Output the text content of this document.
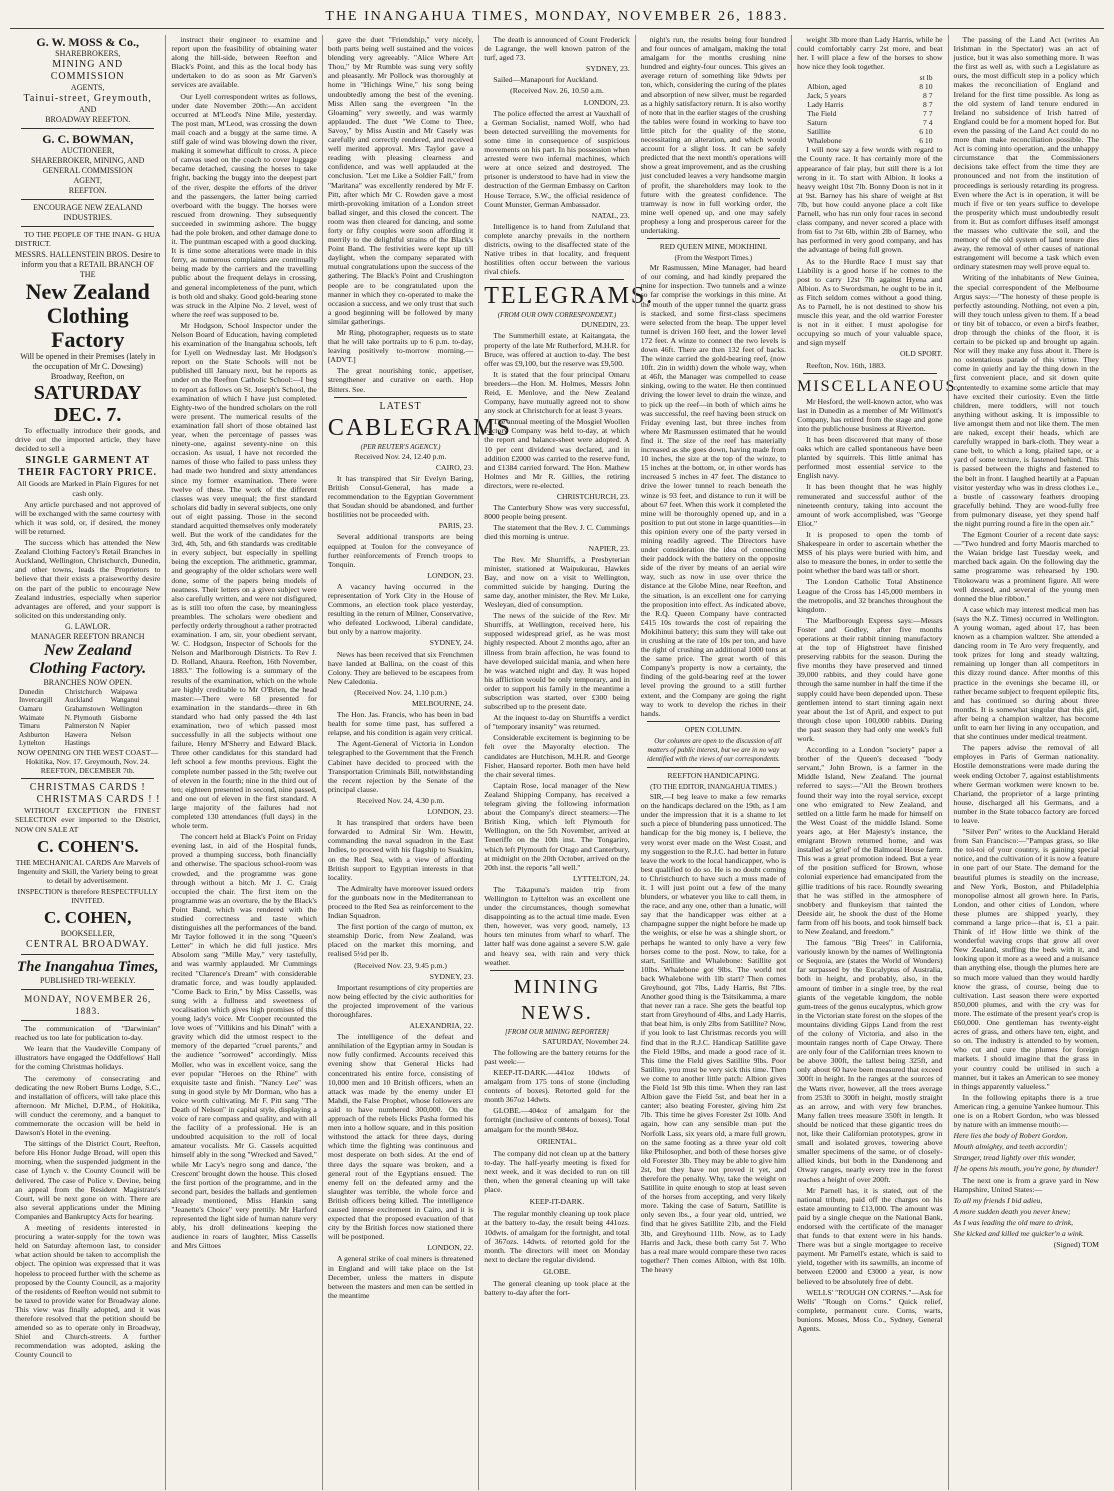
THE INANGAHUA TIMES, MONDAY, NOVEMBER 26, 1883.
G. W. MOSS & Co.,
SHAREBROKERS,
MINING AND COMMISSION
AGENTS,
Tainui-street, Greymouth,
AND
BROADWAY REEFTON.
G. C. BOWMAN,
AUCTIONEER,
SHAREBROKER, MINING, AND
GENERAL COMMISSION
AGENT,
REEFTON.
ENCOURAGE NEW ZEALAND INDUSTRIES.

TO THE PEOPLE OF THE INAN- G HUA DISTRICT.

MESSRS. HALLENSTEIN BROS. Desire to inform you that a RETAIL BRANCH OF THE
New Zealand Clothing Factory
Will be opened in their Premises (lately in the occupation of Mr C. Dowsing) Broadway, Reefton, on
SATURDAY DEC. 7.

To effectually introduce their goods, and drive out the imported article, they have decided to sell a

SINGLE GARMENT AT THEIR FACTORY PRICE.

All Goods are Marked in Plain Figures for net cash only.

Any article purchased and not approved of will be exchanged with the same courtesy with which it was sold, or, if desired, the money will be returned.

The success which has attended the New Zealand Clothing Factory's Retail Branches in Auckland, Wellington, Christchurch, Dunedin, and other towns, leads the Proprietors to believe that their exists a praiseworthy desire on the part of the public to encourage New Zealand industries, especially when superior advantages are offered, and your support is solicited on this understanding only.

G. LAWLOR.
MANAGER REEFTON BRANCH
New Zealand Clothing Factory.
BRANCHES NOW OPEN.
Dunedin	Christchurch	Waipawa
Invercargill	Auckland	Wanganui
Oamaru	Grahamstown Wellington
Waimate	N. Plymouth	Gisborne
Timaru	Palmerston N Napier
Ashburton	Hawera	Nelson
Lyttelton	Hastings

NOW OPENING ON THE WEST COAST— Hokitika, Nov. 17. Greymouth, Nov. 24. REEFTON, DECEMBER 7th.

CHRISTMAS CARDS !
CHRISTMAS CARDS ! !

WITHOUT EXCEPTION the FINEST SELECTION ever imported to the District, NOW ON SALE AT

C. COHEN'S.

THE MECHANICAL CARDS Are Marvels of Ingenuity and Skill, the Variety being to great to detail by advertisement.

INSPECTION is therefore RESPECTFULLY INVITED.

C. COHEN,
BOOKSELLER,
CENTRAL BROADWAY.
The Inangahua Times,
PUBLISHED TRI-WEEKLY.
MONDAY, NOVEMBER 26, 1883.

The communication of "Darwinian" reached us too late for publication to-day.

We learn that the Vaudeville Company of illustrators have engaged the Oddfellows' Hall for the coming Christmas holidays.

The ceremony of consecrating and dedicating the new Robert Burns Lodge, S.C., and installation of officers, will take place this afternoon. Mr Michel, D.P.M., of Hokitika, will conduct the ceremony, and a banquet to commemorate the occasion will be held in Dawson's Hotel in the evening.

The sittings of the District Court, Reefton, before His Honor Judge Broad, will open this morning, when the suspended judgment in the case of Lynch v. the County Council will be delivered. The case of Police v. Devine, being an appeal from the Resident Magistrate's Court, will be next gone on with. There are also several applications under the Mining Companies and Bankruptcy Acts for hearing.

A meeting of residents interested in procuring a water-supply for the town was held on Saturday afternoon last, to consider what action should be taken to accomplish the object. The opinion was expressed that it was hopeless to proceed further with the scheme as proposed by the County Council, as a majority of the residents of Reefton would not submit to be taxed to provide water for Broadway alone. This view was finally adopted, and it was therefore resolved that the petition should be amended so as to operate only in Broadway, Shiel and Church-streets. A further recommendation was adopted, asking the County Council to

instruct their engineer to examine and report upon the feasibility of obtaining water along the hill-side, between Reefton and Black's Point, and this as the local body has undertaken to do as soon as Mr Garven's services are available.

Our Lyell correspondent writes as follows, under date November 20th:—An accident occurred at M'Leod's Nine Mile, yesterday. The post man, M'Leod, was crossing the down mail coach and a buggy at the same time. A stiff gale of wind was blowing down the river, making it somewhat difficult to cross. A piece of canvas used on the coach to cover luggage became detached, causing the horses to take fright, backing the buggy into the deepest part of the river, despite the efforts of the driver and the passengers, the latter being carried overboard with the buggy. The horses were rescued from drowning. They subsequently succeeded in swimming ashore. The buggy had the pole broken, and other damage done to it. The puntman escaped with a good ducking. It is time some alterations were made in this ferry, as numerous complaints are continually being made by the carriers and the travelling public about the frequent delays in crossing, and general incompleteness of the punt, which is both old and shaky. Good gold-bearing stone was struck in the Alpine No. 2 level, west of where the reef was supposed to be.

Mr Hodgson, School Inspector under the Nelson Board of Education, having completed his examination of the Inangahua schools, left for Lyell on Wednesday last. Mr Hodgson's report on the State Schools will not be published till January next, but he reports as under on the Reefton Catholic School:—I beg to report as follows on St. Joseph's School, the examination of which I have just completed. Eighty-two of the hundred scholars on the roll were present. The numerical results of the examination fall short of those obtained last year, when the percentage of passes was ninety-one, against seventy-nine on this occasion. As usual, I have not recorded the names of those who failed to pass unless they had made two hundred and sixty attendances since my former examination. There were twelve of these. The work of the different classes was very unequal; the first standard scholars did badly in several subjects, one only out of eight passing. Those in the second standard acquitted themselves only moderately well. But the work of the candidates for the 3rd, 4th, 5th, and 6th standards was creditable in every subject, but especially in spelling being the exception. The arithmetic, grammar, and geography of the older scholars were well done, some of the papers being models of neatness. Their letters on a given subject were also carefully written, and were not disfigured, as is still too often the case, by meaningless preambles. The scholars were obedient and perfectly orderly throughout a rather protracted examination. I am, sir, your obedient servant, W. C. Hodgson, Inspector of Schools for the Nelson and Marlborough Districts. To Rev J. D. Rolland, Ahaura. Reefton, 16th November, 1883." The following is a summary of the results of the examination, which on the whole are highly creditable to Mr O'Brien, the head master:—There were 68 presented for examination in the standards—three in 6th standard who had only passed the 4th last examination, two of which passed most successfully in all the subjects without one failure, Henry M'Sherry and Edward Black. Three other candidates for this standard had left school a few months previous. Eight the complete number passed in the 5th; twelve out of eleven in the fourth; nine in the third out of ten; eighteen presented in second, nine passed, and one out of eleven in the first standard. A large majority of the failures had not completed 130 attendances (full days) in the whole term.

The concert held at Black's Point on Friday evening last, in aid of the Hospital funds, proved a thumping success, both financially and otherwise. The spacious school-room was crowded, and the programme was gone through without a hitch. Mr J. C. Craig occupied the chair. The first item on the programme was an overture, the by the Black's Point Band, which was rendered with the studied correctness and taste which distinguishes all the performances of the band. Mr Taylor followed it in the song "Queen's Letter" in which he did full justice. Mrs Absolom sang "Mille May," very tastefully, and was warmly applauded. Mr Cummings recited "Clarence's Dream" with considerable dramatic force, and was loudly applauded. "Come Back to Erin," by Miss Cassells, was sung with a fullness and sweetness of vocalisation which gives high promises of this young lady's voice. Mr Cooper recounted the love woes of "Villikins and his Dinah" with a gravity which did the utmost respect to the memory of the departed "cruel parents," and the audience "sorrowed" accordingly. Miss Moller, who was in excellent voice, sang the ever popular "Heroes on the Rhine" with exquisite taste and finish. "Nancy Lee" was sung in good style by Mr Dorman, who has a voice worth cultivating. Mr F. Pitt sang "The Death of Nelson" in capital style, displaying a voice of rare compass and quality, and with all the facility of a professional. He is an undoubted acquisition to the roll of local amateur vocalists. Mr G. Cassels acquitted himself ably in the song "Wrecked and Saved," while Mr Lacy's negro song and dance, 'the Crescent' brought down the house. This closed the first portion of the programme, and in the second part, besides the ballads and gentlemen already mentioned, Miss Hankin sang "Jeanette's Choice" very prettily. Mr Harford represented the light side of human nature very ably, his droll delineations keeping the audience in roars of laughter, Miss Cassells and Mrs Gittoes

gave the duet "Friendship," very nicely, both parts being well sustained and the voices blending very agreeably. "Alice Where Art Thou," by Mr Rumble was sung very softly and pleasantly. Mr Pollock was thoroughly at home in "Hichings Wine," his song being undoubtedly among the best of the evening. Miss Allen sang the evergreen "In the Gloaming" very sweetly, and was warmly applauded. The duet "We Come to Thee, Savoy," by Miss Austin and Mr Casely was carefully and correctly rendered, and received well merited approval. Mrs Taylor gave a reading with pleasing clearness and confidence, and was well applauded at the conclusion. "Let me Like a Soldier Fall," from "Maritana" was excellently rendered by Mr F. Pitt, after which Mr C. Rowden gave a most mirth-provoking imitation of a London street ballad singer, and this closed the concert. The room was then cleared for dancing, and some forty or fifty couples were soon affording it merrily to the delightful strains of the Black's Point Band. The festivities were kept up till daylight, when the company separated with mutual congratulations upon the success of the gathering. The Black's Point and Crushington people are to be congratulated upon the manner in which they co-operated to make the occasion a success, and we only trust that such a good beginning will be followed by many similar gatherings.

Mr Ring, photographer, requests us to state that he will take portraits up to 6 p.m. to-day, leaving positively to-morrow morning.—[ADVT.]

The great nourishing tonic, appetiser, strengthener and curative on earth. Hop Bitters. See.

LATEST
CABLEGRAMS
(PER REUTER'S AGENCY.)

Received Nov. 24, 12.40 p.m.

CAIRO, 23.

It has transpired that Sir Evelyn Baring, British Consul-General, has made a recommendation to the Egyptian Government that Soudan should be abandoned, and further hostilities not be proceeded with.

PARIS, 23.

Several additional transports are being equipped at Toulon for the conveyance of further reinforcements of French troops to Tonquin.

LONDON, 23.

A vacancy having occurred in the representation of York City in the House of Commons, an election took place yesterday, resulting in the return of Milner, Conservative, who defeated Lockwood, Liberal candidate, but only by a narrow majority.

SYDNEY, 24.

News has been received that six Frenchmen have landed at Ballina, on the coast of this Colony. They are believed to be escapees from New Caledonia.

(Received Nov. 24, 1.10 p.m.)

MELBOURNE, 24.

The Hon. Jas. Francis, who has been in bad health for some time past, has suffered a relapse, and his condition is again very critical.

The Agent-General of Victoria in London telegraphed to the Government that the French Cabinet have decided to proceed with the Transportation Criminals Bill, notwithstanding the recent rejection by the Senate of the principal clause.

Received Nov. 24, 4.30 p.m.

LONDON, 23.

It has transpired that orders have been forwarded to Admiral Sir Wm. Hewitt, commanding the naval squadron in the East Indies, to proceed with his flagship to Suakim, on the Red Sea, with a view of affording British support to Egyptian interests in that locality.

The Admiralty have moreover issued orders for the gunboats now in the Mediterranean to proceed to the Red Sea as reinforcement to the Indian Squadron.

The first portion of the cargo of mutton, ex steamship Doric, from New Zealand, was placed on the market this morning, and realised 5½d per lb.

(Received Nov. 23, 9.45 p.m.)

SYDNEY, 23.

Important resumptions of city properties are now being effected by the civic authorities for the projected improvement of the various thoroughfares.

ALEXANDRIA, 22.

The intelligence of the defeat and annihilation of the Egyptian army in Soudan is now fully confirmed. Accounts received this evening show that General Hicks had concentrated his entire force, consisting of 10,000 men and 10 British officers, when an attack was made by the enemy under El Mahdi, the False Prophet, whose followers are said to have numbered 300,000. On the approach of the rebels Hicks Pasha formed his men into a hollow square, and in this position withstood the attack for three days, during which time the fighting was continuous and most desperate on both sides. At the end of three days the square was broken, and a general rout of the Egyptians ensued. The enemy fell on the defeated army and the slaughter was terrible, the whole force and British officers being killed. The intelligence caused intense excitement in Cairo, and it is expected that the proposed evacuation of that city by the British forces now stationed there will be postponed.

LONDON, 22.

A general strike of coal miners is threatened in England and will take place on the 1st December, unless the matters in dispute between the masters and men can be settled in the meantime

The death is announced of Count Frederick de Lagrange, the well known patron of the turf, aged 73.

SYDNEY, 23.

Sailed—Manapouri for Auckland.

(Received Nov. 26, 10.50 a.m.

LONDON, 23.

The police effected the arrest at Vauxhall of a German Socialist, named Wolf, who had been detected surveilling the movements for some time in consequence of suspicious movements on his part. In his possession when arrested were two infernal machines, which were at once seized and destroyed. The prisoner is understood to have had in view the destruction of the German Embassy on Carlton House Terrace, S.W., the official residence of Count Munster, German Ambassador.

NATAL, 23.

Intelligence is to hand from Zululand that complete anarchy prevails in the northern districts, owing to the disaffected state of the Native tribes in that locality, and frequent hostilities often occur between the various rival chiefs.

TELEGRAMS.
(FROM OUR OWN CORRESPONDENT.)

DUNEDIN, 23.

The Summerhill estate, at Kaitangata, the property of the late Mr Rutherford, M.H.R. for Bruce, was offered at auction to-day. The best offer was £9,100, but the reserve was £9,500.

It is stated that the four principal Omaru breeders—the Hon. M. Holmes, Messrs John Reid, E. Menlove, and the New Zealand Company, have mutually agreed not to show any stock at Christchurch for at least 3 years.

The annual meeting of the Mosgiel Woollen Factory Company was held to-day, at which the report and balance-sheet were adopted. A 10 per cent dividend was declared, and in addition £2000 was carried to the reserve fund, and £1384 carried forward. The Hon. Mathew Holmes and Mr R. Gillies, the retiring directors, were re-elected.

CHRISTCHURCH, 23.

The Canterbury Show was very successful, 8000 people being present.

The statement that the Rev. J. C. Cummings died this morning is untrue.

NAPIER, 23.

The Rev. Mr Shurriffs, a Presbyterian minister, stationed at Waipukurau, Hawkes Bay, and now on a visit to Wellington, committed suicide by hanging. During the same day, another minister, the Rev. Mr Luke, Wesleyan, died of consumption.

The news of the suicide of the Rev. Mr Shurriffs, at Wellington, received here, his supposed widespread grief, as he was most highly respected. About 2 months ago, after an illness from brain affection, he was found to have developed suicidal mania, and when here he was watched night and day. It was hoped his affliction would be only temporary, and in order to support his family in the meantime a subscription was started, over £300 being subscribed up to the present date.

At the inquest to-day on Shurriffs a verdict of "temporary insanity" was returned.

Considerable excitement is beginning to be felt over the Mayoralty election. The candidates are Hutchison, M.H.R. and George Fisher, Hansard reporter. Both men have held the chair several times.

Captain Rose, local manager of the New Zealand Shipping Company, has received a telegram giving the following information about the Company's direct steamers:—The British King, which left Plymouth for Wellington, on the 5th November, arrived at Teneriffe on the 10th inst. The Tongariro, which left Plymouth for Otago and Canterbury, at midnight on the 20th October, arrived on the 20th inst. the reports "all well."

LYTTELTON, 24.

The Takapuna's maiden trip from Wellington to Lyttelton was an excellent one under the circumstances, though somewhat disappointing as to the actual time made. Even then, however, was very good, namely, 13 hours ten minutes from wharf to wharf. The latter half was done against a severe S.W. gale and heavy sea, with rain and very thick weather.

MINING NEWS.
[FROM OUR MINING REPORTER]

SATURDAY, November 24.

The following are the battery returns for the past week:—

KEEP-IT-DARK.—441oz 10dwts of amalgam from 175 tons of stone (including contents of boxes). Retorted gold for the month 367oz 14dwts.

GLOBE.—404oz of amalgam for the fortnight (inclusive of contents of boxes). Total amalgam for the month 984oz.

ORIENTAL.

The company did not clean up at the battery to-day. The half-yearly meeting is fixed for next week, and it was decided to run on till then, when the general cleaning up will take place.

KEEP-IT-DARK.

The regular monthly cleaning up took place at the battery to-day, the result being 441ozs. 10dwts. of amalgam for the fortnight, and total of 367ozs. 14dwts. of retorted gold for the month. The directors will meet on Monday next to declare the regular dividend.

GLOBE.

The general cleaning up took place at the battery to-day after the fort-

night's run, the results being four hundred and four ounces of amalgam, making the total amalgam for the months crushing nine hundred and eighty-four ounces. This gives an average return of something like 9dwts per ton, which, considering the curing of the plates and absorption of new silver, must be regarded as a highly satisfactory return. It is also worthy of note that in the earlier stages of the crushing the tables were found in working to have too little pitch for the quality of the stone, necessitating an alteration, and which would account for a slight loss. It can be safely predicted that the next month's operations will show a great improvement, and as the crushing just concluded leaves a very handsome margin of profit, the shareholders may look to the future with the greatest confidence. The tramway is now in full working order, the mine well opened up, and one may safely prophesy a long and prosperous career for the undertaking.

RED QUEEN MINE, MOKIHINI.
(From the Westport Times.)

Mr Rasmussen, Mine Manager, had heard of our coming, and had kindly prepared the mine for inspection. Two tunnels and a winze so far comprise the workings in this mine. At the mouth of the upper tunnel the quartz grass is stacked, and some first-class specimens were selected from the heap. The upper level tunnel is driven 160 feet, and the lower level 172 feet. A winze to connect the two levels is down 46ft. There are then 132 feet of backs. The winze carried the gold-bearing reef, (now 10ft. 2in in width) down the whole way, when at 46ft, the Manager was compelled to cease sinking, owing to the water. He then continued driving the lower level to drain the winze, and to pick up the reef—in both of which aims he was successful, the reef having been struck on Friday evening last, but three inches from where Mr Rasmussen estimated that he would find it. The size of the reef has materially increased as she goes down, having made from 10 inches, the size at the top of the winze, to 15 inches at the bottom, or, in other words has increased 5 inches in 47 feet. The distance to drive the lower tunnel to reach beneath the winze is 93 feet, and distance to run it will be about 67 feet. When this work it completed the mine will be thoroughly opened up, and in a position to put out stone in large quantities—in this opinion every one of the party versed in mining readily agreed. The Directors have under consideration the idea of connecting their paddock with the battery on the opposite side of the river by means of an aerial wire way, such as now in use over thrice the distance at the Globe Mine, near Reefton, and the situation, is an excellent one for carrying the proposition into effect. As indicated above, the R.Q. Queen Company have contracted £415 10s towards the cost of repairing the Mokihinui battery; this sum they will take out in crushing at the rate of 10s per ton, and have the right of crushing an additional 1000 tons at the same price. The great worth of this Company's property is now a certainty, the finding of the gold-bearing reef at the lower level proving the ground to a still further extent, and the Company are going the right way to work to develop the riches in their hands.

OPEN COLUMN.

Our columns are open to the discussion of all matters of public interest, but we are in no way identified with the views of our correspondents.

REEFTON HANDICAPING.
(TO THE EDITOR, INANGAHUA TIMES.)

SIR,—I beg leave to make a few remarks on the handicaps declared on the 19th, as I am under the impression that it is a shame to let such a piece of blundering pass unnoticed. The handicap for the big money is, I believe, the very worst ever made on the West Coast, and my suggestion to the R.J.C. had better in future leave the work to the local handicapper, who is best qualified to do so. He is no doubt coming to Christchurch to have such a muss made of it. I will just point out a few of the many blunders, or whatever you like to call them, in the race, and any one, other than a lunatic, will say that the handicapper was either at a champagne supper the night before he made up the weights, or else he was a shingle short, or perhaps he wanted to only have a very few horses come to the post. Now, to take, for a start, Satillite and Whalebone: Satillite got 10lbs. Whalebone got 9lbs. The world not back Whalebone with 1lb start? Then comes Greyhound, got 7lbs, Lady Harris, 8st 7lbs. Another good thing is the Tsitsikamma, a mare that never ran a race. She gets the beatful top start from Greyhound of 4lbs, and Lady Harris, that beat him, is only 2lbs from Satillite? Now, if you look to last Christmas records you will find that in the R.J.C. Handicap Satillite gave the Field 19lbs, and made a good race of it. This time the Field gives Satillite 9lbs. Poor Satillite, you must be very sick this time. Then we come to another little patch: Albion gives the Field 1st 9lb this time. When they ran last Albion gave the Field 5st, and beat her in a canter; also beating Forester, giving him 2st 7lb. This time he gives Forester 2st 10lb. And again, how can any sensible man put the Norfolk Lass, six years old, a mare full grown, on the same footing as a three year old colt like Philosopher, and both of these horses give old Forester 3lb. They may be able to give him 2st, but they have not proved it yet, and therefore the penalty. Why, take the weight on Satillite in quite enough to stop at least seven of the horses from accepting, and very likely more. Taking the case of Saturn, Satillite is only seven lbs., a four year old, untried, we find that he gives Satillite 21b, and the Field 3lb, and Greyhound 11lb. Now, as to Lady Harris and Jack, these both carry 5st 7. Who has a real mare would compare these two races together? Then comes Albion, with 8st 10lb. The heavy

weight 3lb more than Lady Harris, while he could comfortably carry 2st more, and beat her. I will place a few of the horses to show how nice they look together.

st lb
Albion, aged	8 10
Jack, 5 years	8 7
Lady Harris	8 7
The Field	7 7
Saturn	7 4
Satillite	6 10
Whalebone	6 10

I will now say a few words with regard to the County race. It has certainly more of the appearance of fair play, but still there is a lot wrong in it. To start with Albion. It looks a heavy weight 10st 7lb. Bonny Doon is not in it at 9st. Barney has his share of weight at 8st 7lb, but how could anyone place a colt like Parnell, who has run only four races in second class company, and never scored a place with from 6st to 7st 6lb, within 2lb of Barney, who has performed in very good company, and has the advantage of being full grown.

As to the Hurdle Race I must say that Liability is a good horse if he comes to the post to carry 12st 7lb against Hyena and Albion. As to Swordsman, he ought to be in it, as Fitch seldom comes without a good thing. As to Parnell, he is not destined to show his muscle this year, and the old warrior Forester is not in it either. I must apologise for occupying so much of your valuable space, and sign myself

OLD SPORT.

Reefton, Nov. 16th, 1883.

MISCELLANEOUS.

Mr Hesford, the well-known actor, who was last in Dunedin as a member of Mr Willmott's Company, has retired from the stage and gone into the publichouse business at Riverton.

It has been discovered that many of those oaks which are called spontaneous have been planted by squirrels. This little animal has performed most essential service to the English navy.

It has been thought that he was highly remunerated and successful author of the nineteenth century, taking into account the amount of work accomplished, was "George Eliot."

It is proposed to open the tomb of Shakespeare in order to ascertain whether the MSS of his plays were buried with him, and also to measure the bones, in order to settle the point whether the bard was tall or short.

The London Catholic Total Abstinence League of the Cross has 145,000 members in the metropolis, and 32 branches throughout the kingdom.

The Marlborough Express says:—Messrs Foster and Godley, after five months operations at their rabbit tinning manufactory at the top of Highstreet have finished preserving rabbits for the season. During the five months they have preserved and tinned 39,000 rabbits, and they could have gone through the same number in half the time if the supply could have been depended upon. These gentlemen intend to start tinning again next year about the 1st of April, and expect to put through close upon 100,000 rabbits. During the past season they had only one week's full work.

According to a London "society" paper a brother of the Queen's deceased "body servant," John Brown, is a farmer in the Middle Island, New Zealand. The journal referred to says:—"All the Brown brothers found their way into the royal service, except one who emigrated to New Zealand, and settled on a little farm he made for himself on the West Coast of the middle Island. Some years ago, at Her Majesty's instance, the emigrant Brown returned home, and was installed as 'grief' of the Balmoral House farm. This was a great promotion indeed. But a year of the position sufficed for Brown, whose colonial experience had emancipated from the gillie traditions of his race. Roundly swearing that he was stifled in the atmosphere of snobbery and flunkeyism that tainted the Deeside air, he shook the dust of the Home farm from off his boots, and took himself back to New Zealand, and freedom."

The famous "Big Trees" in California, variously known by the names of Wellingtonia or Sequoia, are (states the World of Wonders) far surpassed by the Eucalyptus of Australia, both in height, and probably, also, in the amount of timber in a single tree, by the real giants of the vegetable kingdom, the noble gum-trees of the genus eucalyptus, which grow in the Victorian state forest on the slopes of the mountains dividing Gipps Land from the rest of the colony of Victoria, and also in the mountain ranges north of Cape Otway. There are only four of the Californian trees known to be above 300ft, the tallest being 325ft, and only about 60 have been measured that exceed 300ft in height. In the ranges at the sources of the Watts river, however, all the trees average from 253ft to 300ft in height, mostly straight as an arrow, and with very few branches. Many fallen trees measure 350ft in length. It should be noticed that these gigantic trees do not, like their Californian prototypes, grow in small and isolated groves, towering above smaller specimens of the same, or of closely-allied kinds, but both in the Dandenong and Otway ranges, nearly every tree in the forest reaches a height of over 200ft.

Mr Parnell has, it is stated, out of the national tribute, paid off the charges on his estate amounting to £13,000. The amount was paid by a single cheque on the National Bank, endorsed with the certificate of the manager that funds to that extent were in his hands. There was but a single mortgagee to receive payment. Mr Parnell's estate, which is said to yield, together with its sawmills, an income of between £2000 and £3000 a year, is now believed to be absolutely free of debt.

WELLS' "ROUGH ON CORNS."—Ask for Wells' "Rough on Corns." Quick relief, complete, permanent cure. Corns, warts, bunions. Moses, Moss Co., Sydney, General Agents.

The passing of the Land Act (writes An Irishman in the Spectator) was an act of justice, but it was also something more. It was the first as well as, with such a Legislature as ours, the most difficult step in a policy which makes the reconciliation of England and Ireland for the first time possible. As long as the old system of land tenure endured in Ireland no subsidence of Irish hatred of England could be for a moment hoped for. But even the passing of the Land Act could do no more than make reconciliation possible. The Act is coming into operation, and the unhappy circumstance that the Commissioners decisions take effect from the time they are pronounced and not from the institution of proceedings is seriously retarding its progress. Even where the Act is in operation, it will be much if five or ten years suffice to develope the prosperity which must undoubtedly result from it. But as comfort diffuses itself amongst the masses who cultivate the soil, and the memory of the old system of land tenure dies away, the removal of other causes of national estrangement will become a task which even ordinary statesmen may well prove equal to.

Writing of the inhabitants of New Guinea, the special correspondent of the Melbourne Argus says:—"The honesty of these people is perfectly astounding. Nothing, not even a pin, will they touch unless given to them. If a bead or tiny bit of tobacco, or even a bird's feather, drop through the chinks of the floor, it is certain to be picked up and brought up again. Nor will they make any fuss about it. There is no ostentatious parade of this virtue. They come in quietly and lay the thing down in the first convenient place, and sit down quite contentedly to examine some article that may have excited their curiosity. Even the little children, mere toddlers, will not touch anything without asking. It is impossible to live amongst them and not like them. The men are naked, except their heads, which are carefully wrapped in bark-cloth. They wear a cane belt, to which a long, plaited tape, or a yard of some texture, is fastened behind. This is passed between the thighs and fastened to the belt in front. I laughed heartily at a Papuan visitor yesterday who was in dress clothes i.e., a bustle of cassowary feathers drooping gracefully behind. They are wood-fully free from pulmonary disease, yet they spend half the night purring round a fire in the open air."

The Egmont Courier of a recent date says:—"Two hundred and forty Maoris marched to the Waian bridge last Tuesday week, and marched back again. On the following day the same programme was rehearsed by 190. Titokowaru was a prominent figure. All were well dressed, and several of the young men donned the blue ribbon."

A case which may interest medical men has (says the N.Z. Times) occurred in Wellington. A young woman, aged about 17, has been known as a champion waltzer. She attended a dancing room in Te Aro very frequently, and took prizes for long and steady waltzing, remaining up longer than all competitors in this dizzy round dance. After months of this practice in the evenings she became ill, or rather became subject to frequent epileptic fits, and has continued so during about three months. It is somewhat singular that this girl, after being a champion waltzer, has become unfit to earn her living in any occupation, and that she continues under medical treatment.

The papers advise the removal of all employes in Paris of German nationality. Hostile demonstrations were made during the week ending October 7, against establishments where German workmen were known to be. Chariand, the proprietor of a large printing house, discharged all his Germans, and a number in the State tobacco factory are forced to leave.

"Silver Pen" writes to the Auckland Herald from San Francisco:—"Pampas grass, so like the toi-toi of your country, is gaining special notice, and the cultivation of it is now a feature in one part of our State. The demand for the beautiful plumes is steadily on the increase, and New York, Boston, and Philadelphia monopolise almost all grown here. In Paris, London, and other cities of London, where these plumes are shipped yearly, they command a large price—that is, £1 a pair. Think of it! How little we think of the wonderful waving crops that grow all over New Zealand, stuffing the beds with it, and looking upon it more as a weed and a nuisance than anything else, though the plumes here are so much more valued than they would hardly know the grass, of course, being due to cultivation. Last season there were exported 850,000 plumes, and with the cry was for more. The estimate of the present year's crop is £60,000. One gentleman has twenty-eight acres of grass, and others have ten, eight, and so on. The industry is attended to by women, who cut and cure the plumes for foreign markets. I should imagine that the grass in your country could be utilised in such a manner, but it takes an American to see money in things apparently valueless."

In the following epitaphs there is a true American ring, a genuine Yankee humour. This one is on a Robert Gordon, who was blessed by nature with an immense mouth:—

Here lies the body of Robert Gordon,

Mouth almighty, and teeth accordin';

Stranger, tread lightly over this wonder,

If he opens his mouth, you're gone, by thunder!

The next one is from a grave yard in New Hampshire, United States:—

To all my friends I bid adieu,

A more sudden death you never knew;

As I was leading the old mare to drink,

She kicked and killed me quicker'n a wink.

(Signed) TOM
